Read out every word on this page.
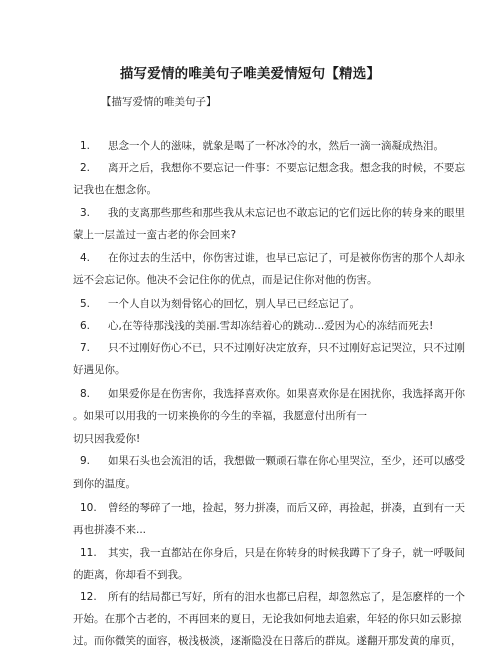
描写爱情的唯美句子唯美爱情短句【精选】
【描写爱情的唯美句子】
1. 思念一个人的滋味，就象是喝了一杯冰冷的水，然后一滴一滴凝成热泪。
2. 离开之后，我想你不要忘记一件事：不要忘记想念我。想念我的时候，不要忘
记我也在想念你。
3. 我的支离那些那些和那些我从未忘记也不敢忘记的它们远比你的转身来的眼里
蒙上一层盖过一蛮古老的你会回来?
4. 在你过去的生活中，你伤害过谁，也早已忘记了，可是被你伤害的那个人却永
远不会忘记你。他决不会记住你的优点，而是记住你对他的伤害。
5. 一个人自以为刻骨铭心的回忆，别人早已已经忘记了。
6. 心,在等待那浅浅的美丽.雪却冻结着心的跳动...爱因为心的冻结而死去!
7. 只不过刚好伤心不已，只不过刚好决定放弃，只不过刚好忘记哭泣，只不过刚
好遇见你。
8. 如果爱你是在伤害你，我选择喜欢你。如果喜欢你是在困扰你，我选择离开你
。如果可以用我的一切来换你的今生的幸福，我愿意付出所有一
切只因我爱你!
9. 如果石头也会流泪的话，我想做一颗顽石靠在你心里哭泣，至少，还可以感受
到你的温度。
10. 曾经的琴碎了一地，捡起，努力拼凑，而后又碎，再捡起，拼凑，直到有一天
再也拼凑不来...
11. 其实，我一直都站在你身后，只是在你转身的时候我蹲下了身子，就一呼吸间
的距离，你却看不到我。
12. 所有的结局都已写好，所有的泪水也都已启程，却忽然忘了，是怎麽样的一个
开始。在那个古老的，不再回来的夏日，无论我如何地去追索，年轻的你只如云影掠
过。而你微笑的面容，极浅极淡，逐渐隐没在日落后的群岚。遂翻开那发黄的扉页，
